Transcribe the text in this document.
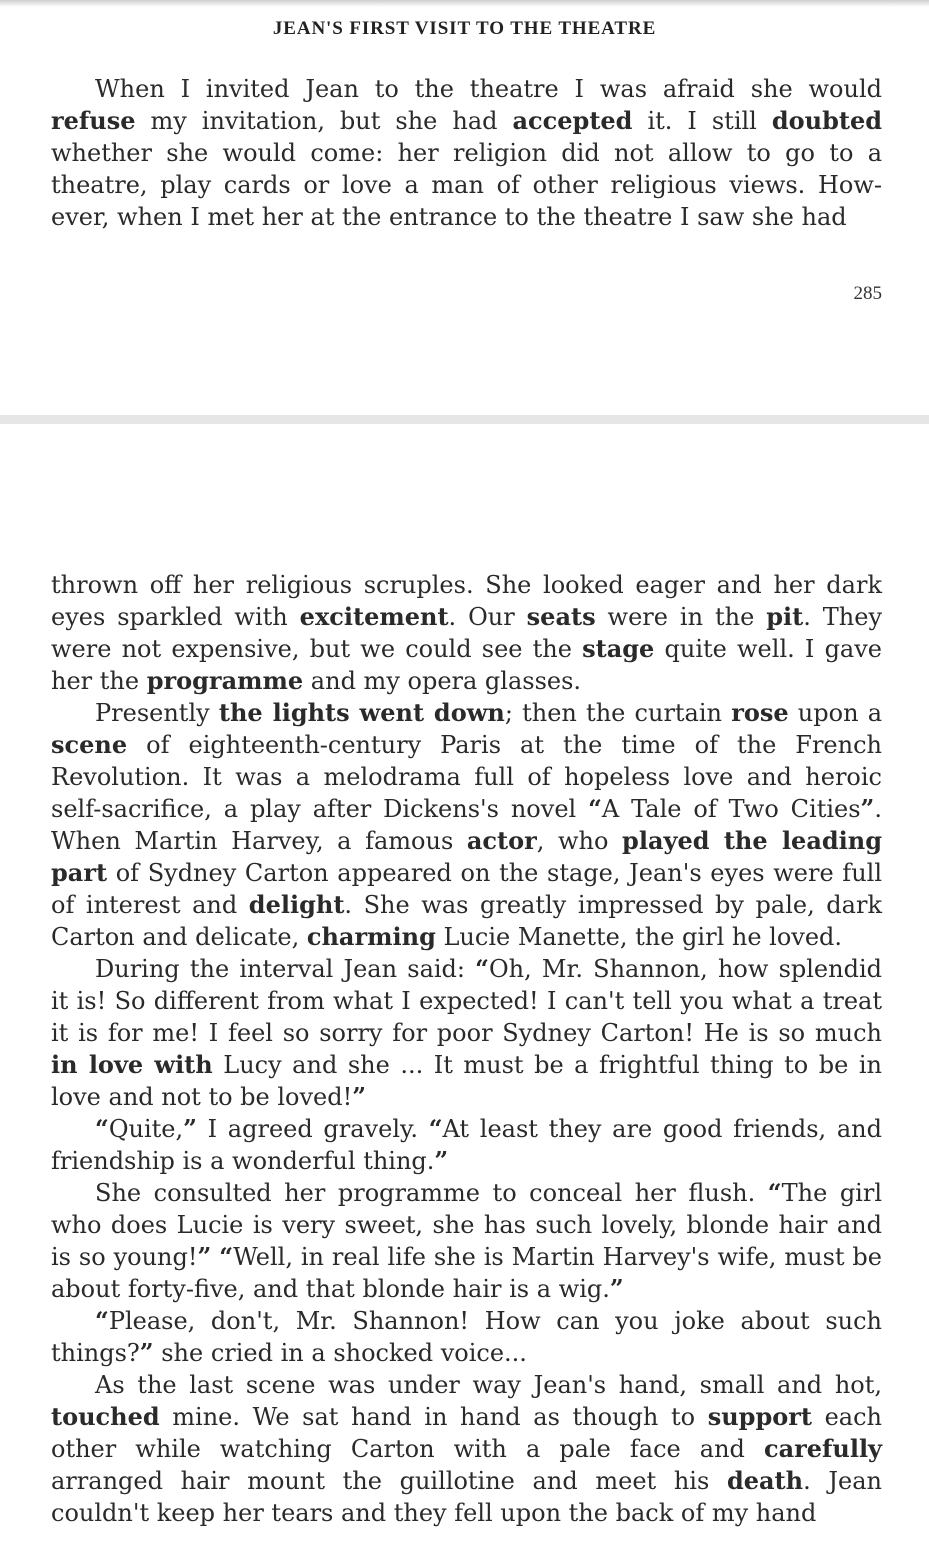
JEAN'S FIRST VISIT TO THE THEATRE

When I invited Jean to the theatre I was afraid she would refuse my invitation, but she had accepted it. I still doubted whether she would come: her religion did not allow to go to a theatre, play cards or love a man of other religious views. How-ever, when I met her at the entrance to the theatre I saw she had

285

thrown off her religious scruples. She looked eager and her dark eyes sparkled with excitement. Our seats were in the pit. They were not expensive, but we could see the stage quite well. I gave her the programme and my opera glasses.

Presently the lights went down; then the curtain rose upon a scene of eighteenth-century Paris at the time of the French Revolution. It was a melodrama full of hopeless love and heroic self-sacrifice, a play after Dickens's novel “A Tale of Two Cities”. When Martin Harvey, a famous actor, who played the leading part of Sydney Carton appeared on the stage, Jean's eyes were full of interest and delight. She was greatly impressed by pale, dark Carton and delicate, charming Lucie Manette, the girl he loved.

During the interval Jean said: “Oh, Mr. Shannon, how splendid it is! So different from what I expected! I can't tell you what a treat it is for me! I feel so sorry for poor Sydney Carton! He is so much in love with Lucy and she ... It must be a frightful thing to be in love and not to be loved!”

“Quite,” I agreed gravely. “At least they are good friends, and friendship is a wonderful thing.”

She consulted her programme to conceal her flush. “The girl who does Lucie is very sweet, she has such lovely, blonde hair and is so young!” “Well, in real life she is Martin Harvey's wife, must be about forty-five, and that blonde hair is a wig.”

“Please, don't, Mr. Shannon! How can you joke about such things?” she cried in a shocked voice...

As the last scene was under way Jean's hand, small and hot, touched mine. We sat hand in hand as though to support each other while watching Carton with a pale face and carefully arranged hair mount the guillotine and meet his death. Jean couldn't keep her tears and they fell upon the back of my hand
